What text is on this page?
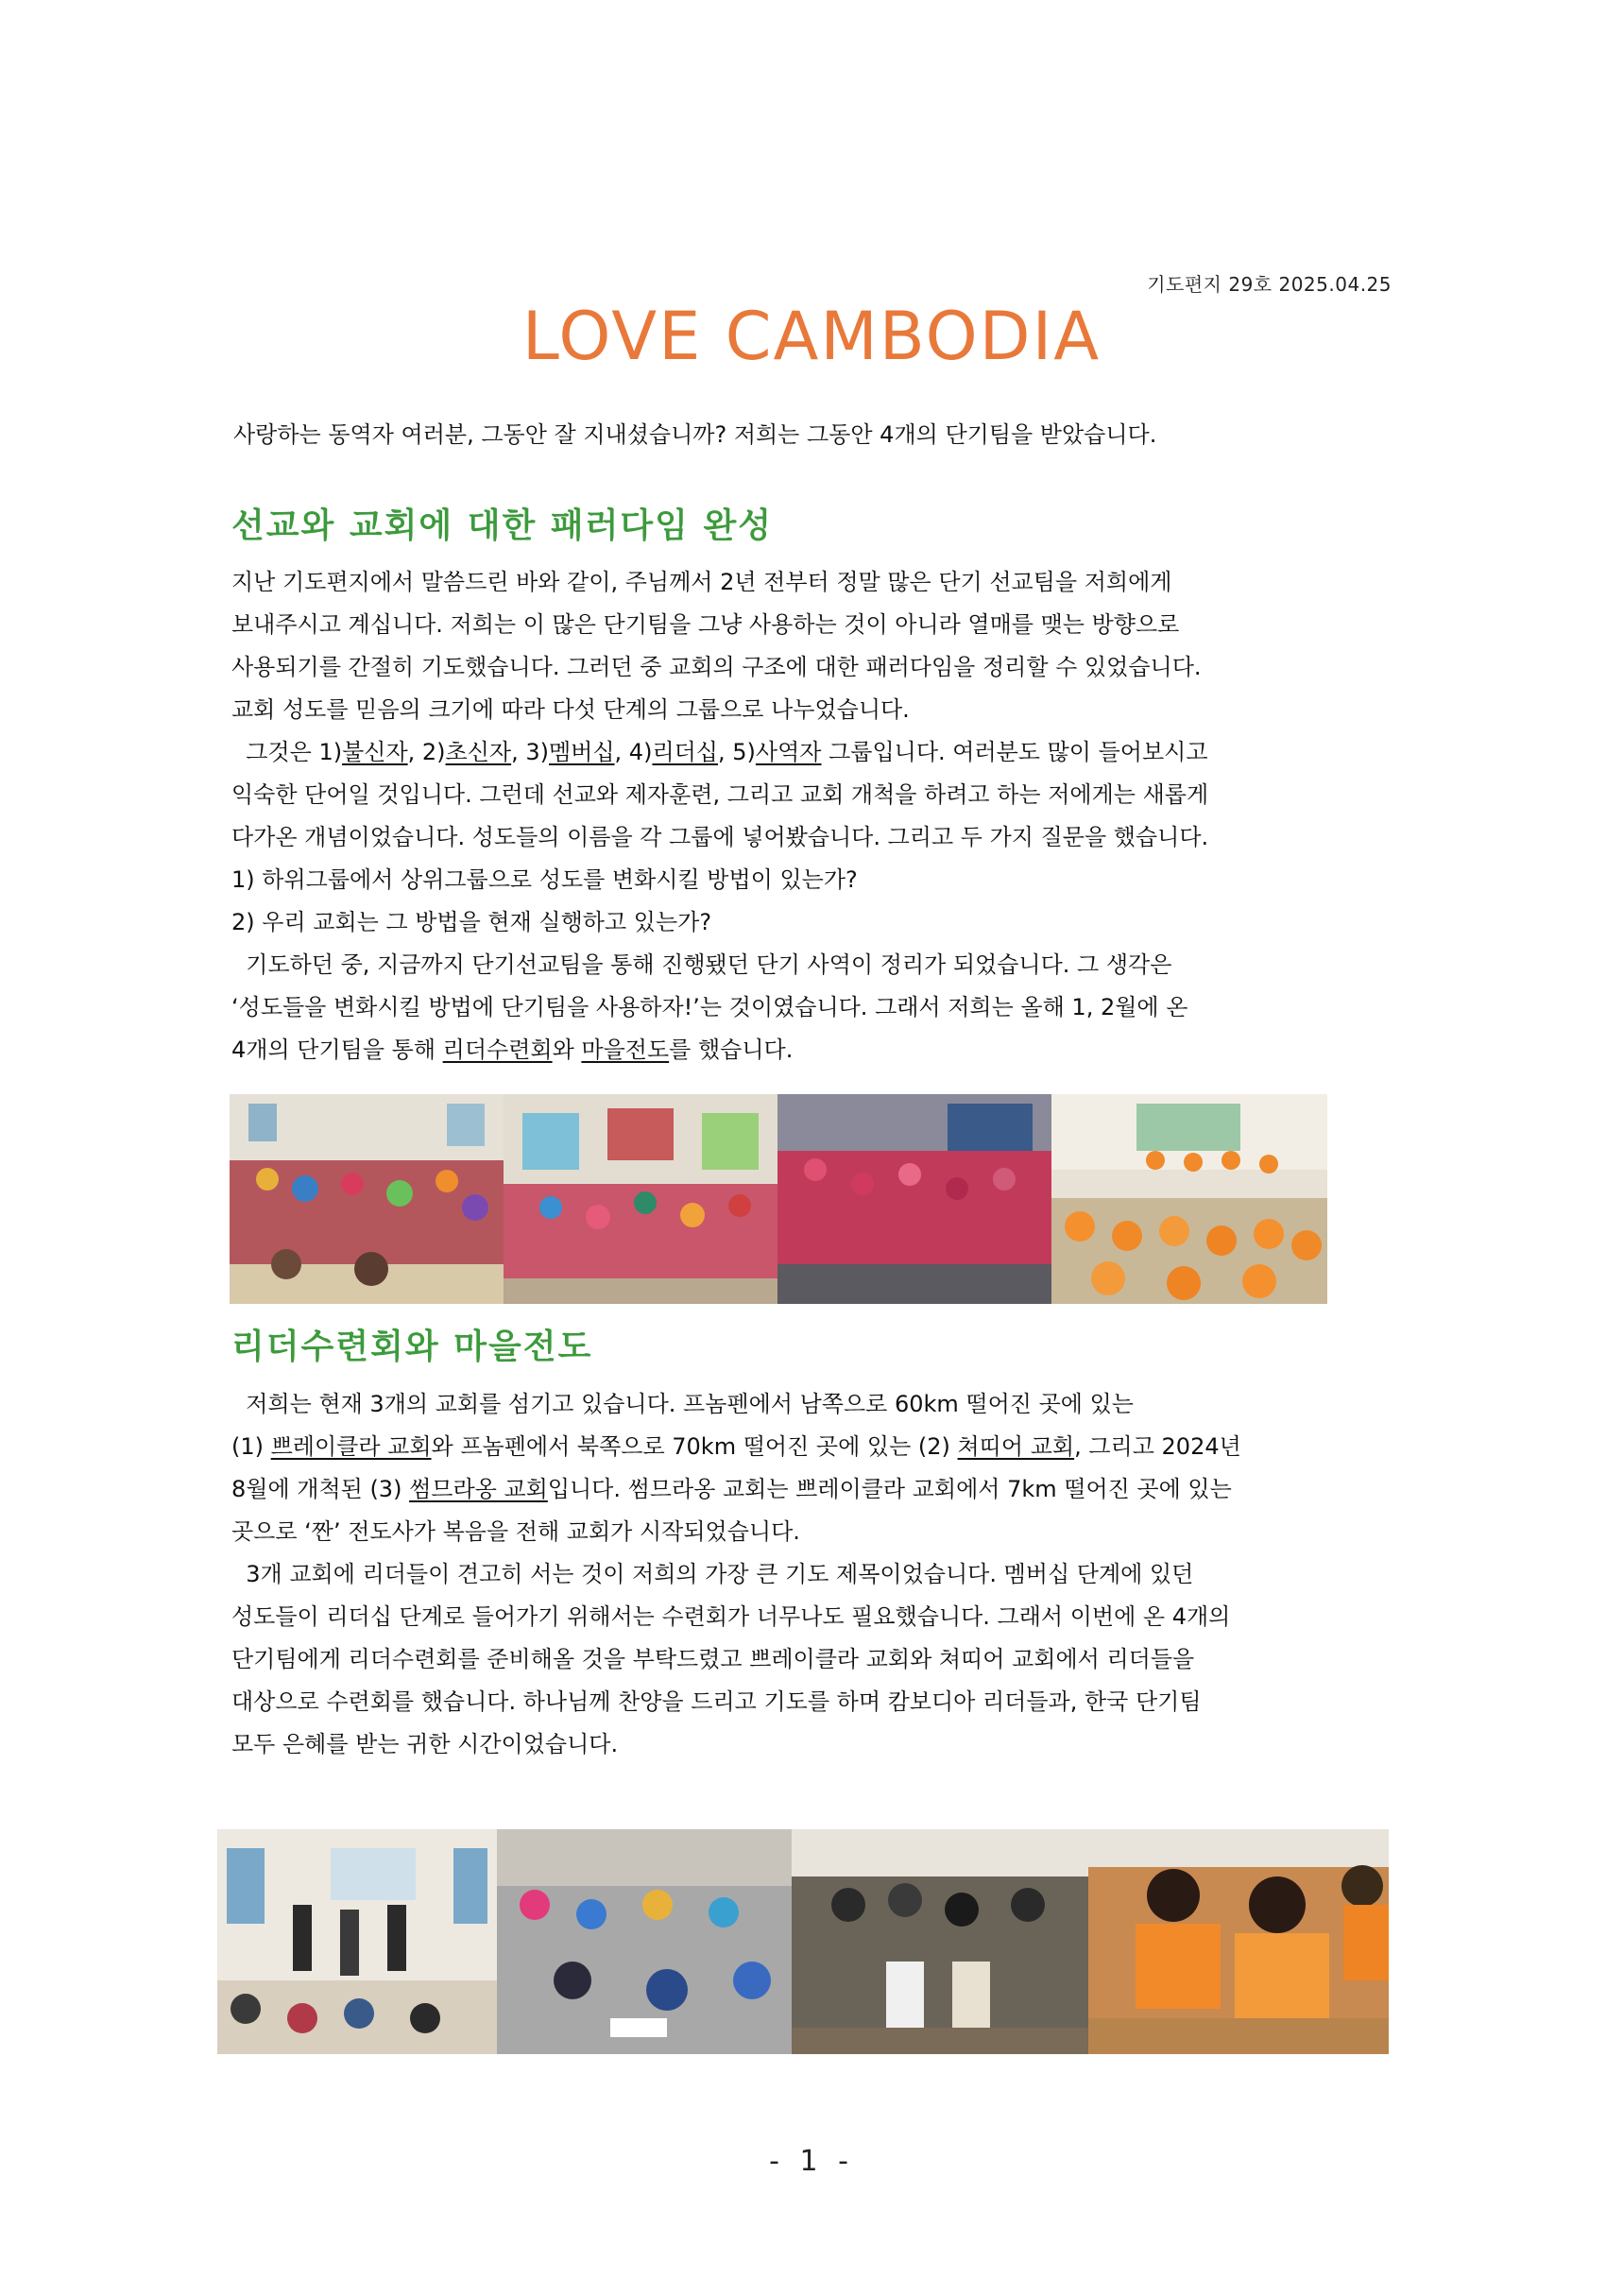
기도편지 29호 2025.04.25
LOVE CAMBODIA

사랑하는 동역자 여러분, 그동안 잘 지내셨습니까? 저희는 그동안 4개의 단기팀을 받았습니다.

선교와 교회에 대한 패러다임 완성
지난 기도편지에서 말씀드린 바와 같이, 주님께서 2년 전부터 정말 많은 단기 선교팀을 저희에게
보내주시고 계십니다. 저희는 이 많은 단기팀을 그냥 사용하는 것이 아니라 열매를 맺는 방향으로
사용되기를 간절히 기도했습니다. 그러던 중 교회의 구조에 대한 패러다임을 정리할 수 있었습니다.
교회 성도를 믿음의 크기에 따라 다섯 단계의 그룹으로 나누었습니다.
그것은 1)불신자, 2)초신자, 3)멤버십, 4)리더십, 5)사역자 그룹입니다. 여러분도 많이 들어보시고
익숙한 단어일 것입니다. 그런데 선교와 제자훈련, 그리고 교회 개척을 하려고 하는 저에게는 새롭게
다가온 개념이었습니다. 성도들의 이름을 각 그룹에 넣어봤습니다. 그리고 두 가지 질문을 했습니다.
1) 하위그룹에서 상위그룹으로 성도를 변화시킬 방법이 있는가?
2) 우리 교회는 그 방법을 현재 실행하고 있는가?
기도하던 중, 지금까지 단기선교팀을 통해 진행됐던 단기 사역이 정리가 되었습니다. 그 생각은
‘성도들을 변화시킬 방법에 단기팀을 사용하자!’는 것이였습니다. 그래서 저희는 올해 1, 2월에 온
4개의 단기팀을 통해 리더수련회와 마을전도를 했습니다.
리더수련회와 마을전도
저희는 현재 3개의 교회를 섬기고 있습니다. 프놈펜에서 남쪽으로 60km 떨어진 곳에 있는
(1) 쁘레이클라 교회와 프놈펜에서 북쪽으로 70km 떨어진 곳에 있는 (2) 쳐띠어 교회, 그리고 2024년
8월에 개척된 (3) 썸므라옹 교회입니다. 썸므라옹 교회는 쁘레이클라 교회에서 7km 떨어진 곳에 있는
곳으로 ‘짠’ 전도사가 복음을 전해 교회가 시작되었습니다.
3개 교회에 리더들이 견고히 서는 것이 저희의 가장 큰 기도 제목이었습니다. 멤버십 단계에 있던
성도들이 리더십 단계로 들어가기 위해서는 수련회가 너무나도 필요했습니다. 그래서 이번에 온 4개의
단기팀에게 리더수련회를 준비해올 것을 부탁드렸고 쁘레이클라 교회와 쳐띠어 교회에서 리더들을
대상으로 수련회를 했습니다. 하나님께 찬양을 드리고 기도를 하며 캄보디아 리더들과, 한국 단기팀
모두 은혜를 받는 귀한 시간이었습니다.
- 1 -
